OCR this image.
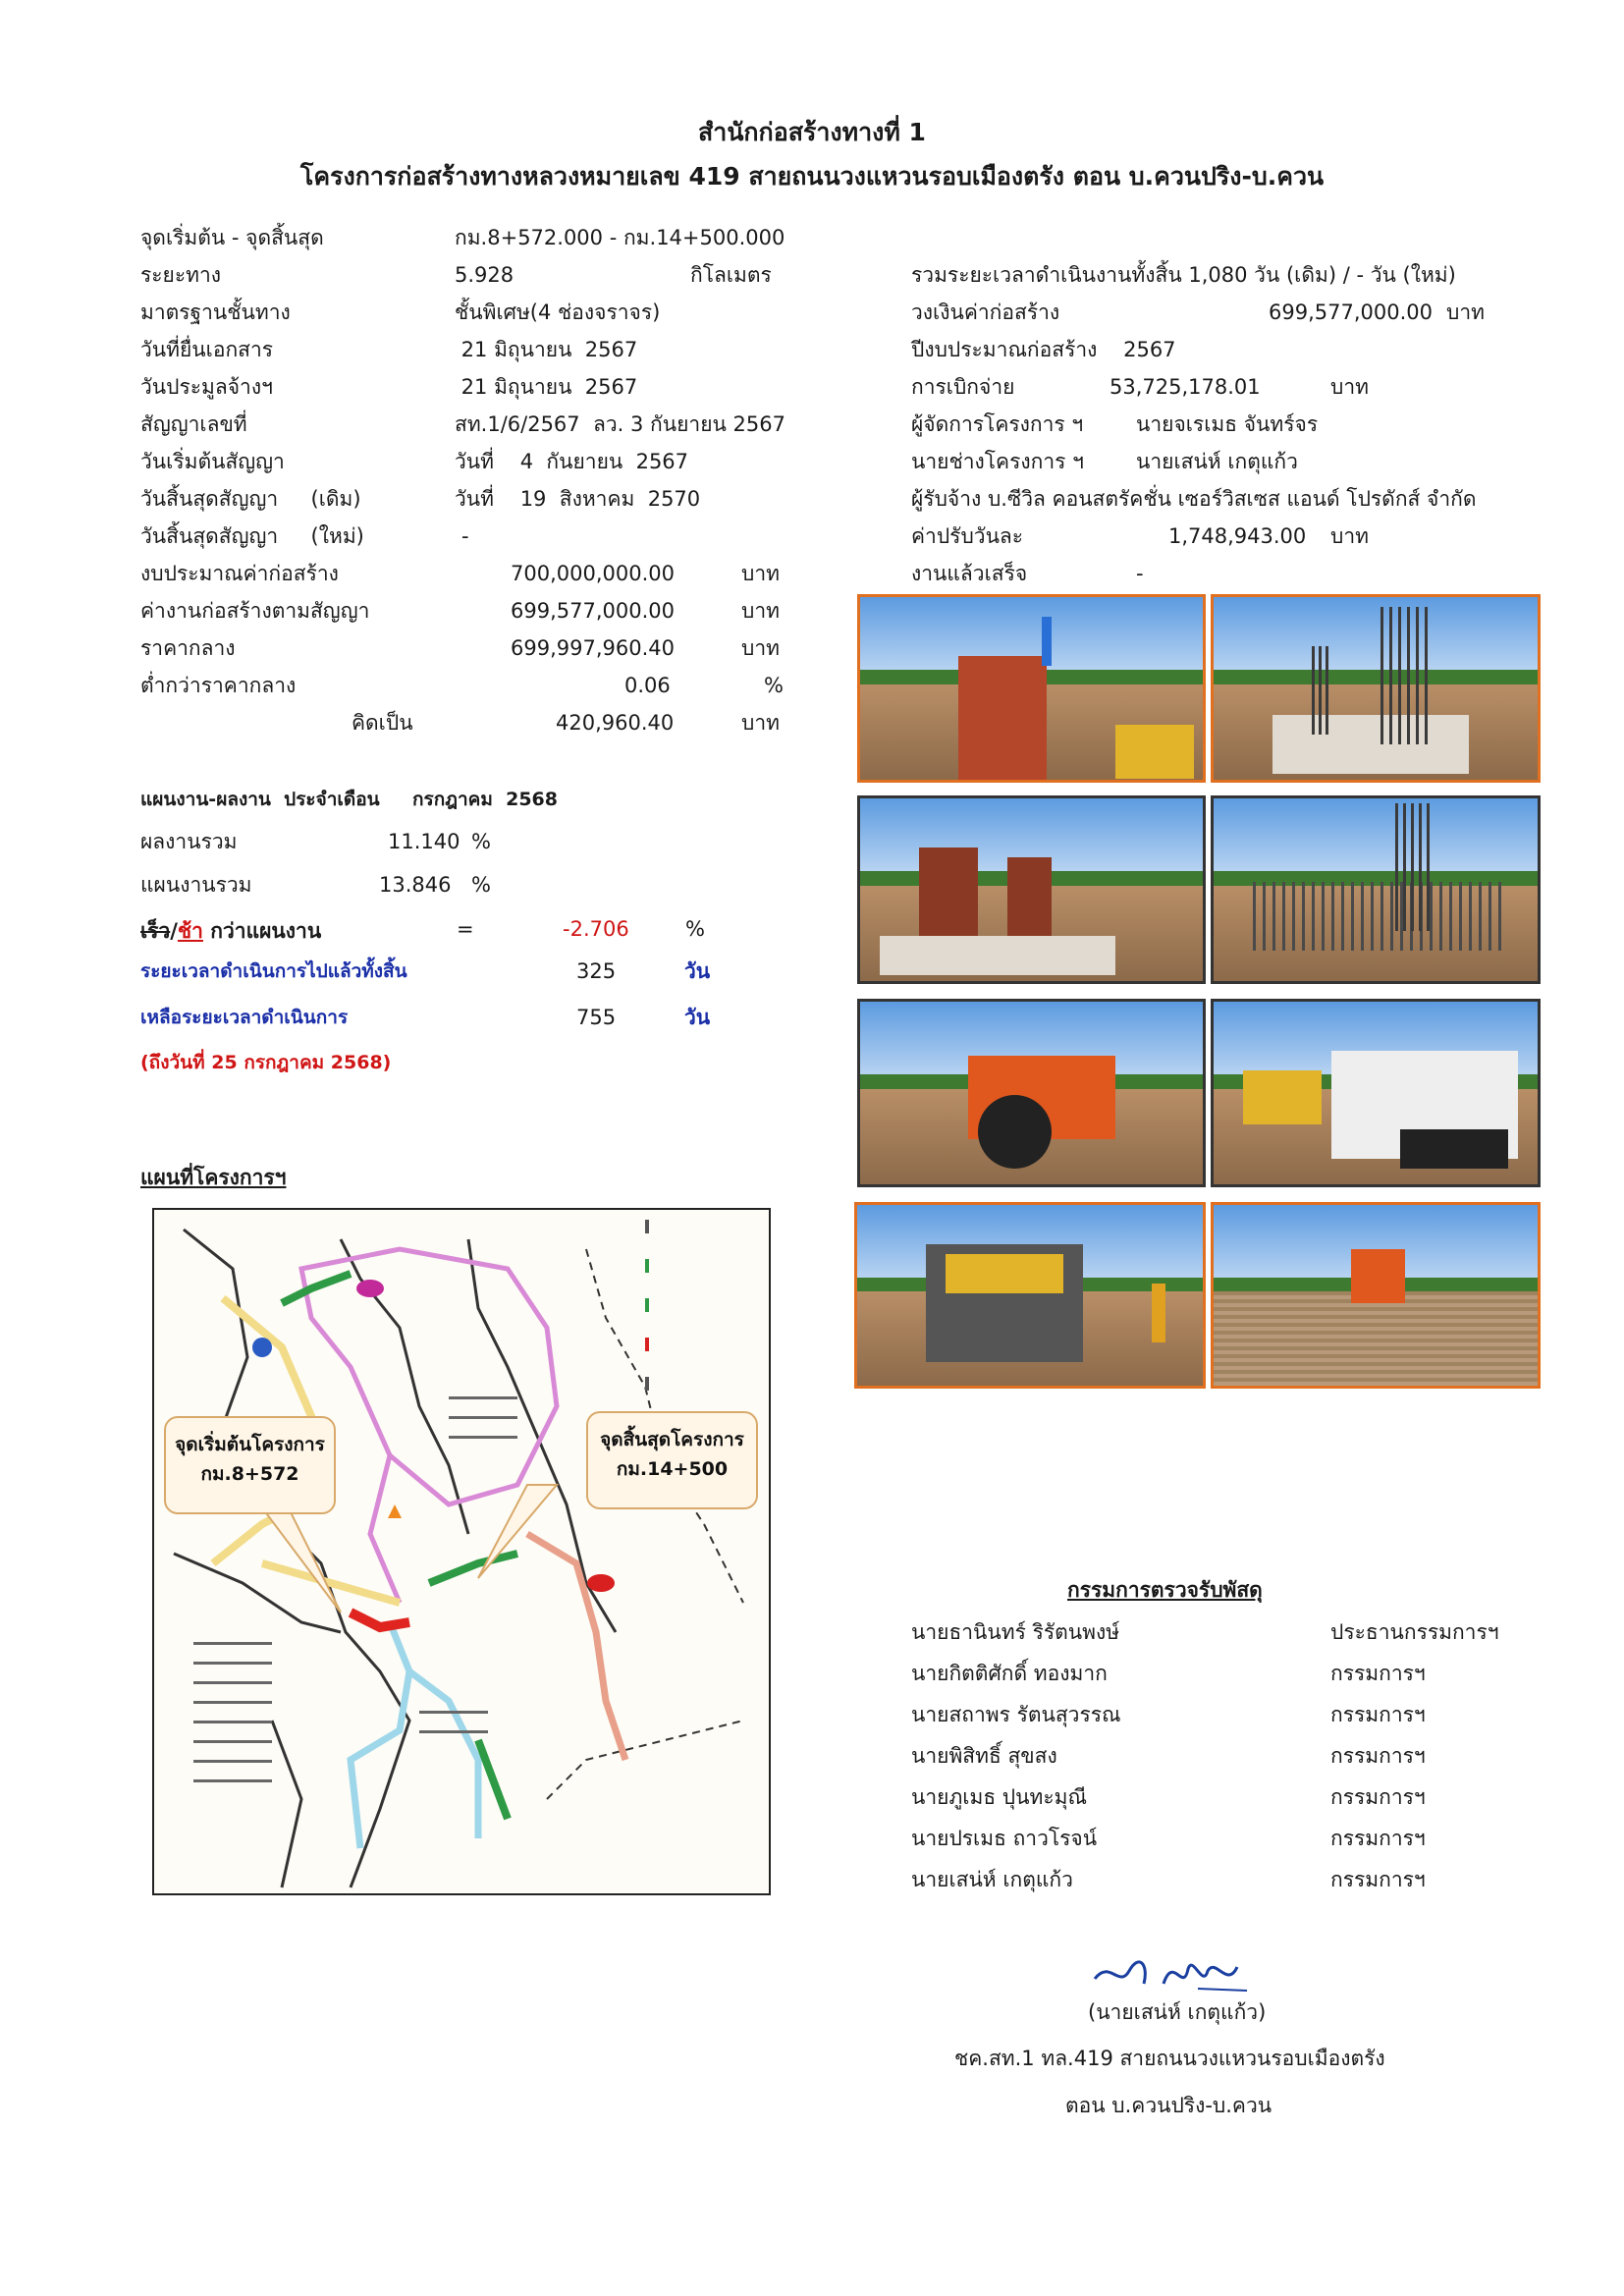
สำนักก่อสร้างทางที่ 1
โครงการก่อสร้างทางหลวงหมายเลข 419 สายถนนวงแหวนรอบเมืองตรัง ตอน บ.ควนปริง-บ.ควน
จุดเริ่มต้น - จุดสิ้นสุด	กม.8+572.000 - กม.14+500.000
ระยะทาง	5.928	กิโลเมตร
มาตรฐานชั้นทาง	ชั้นพิเศษ(4 ช่องจราจร)
วันที่ยื่นเอกสาร	21 มิถุนายน  2567
วันประมูลจ้างฯ	21 มิถุนายน  2567
สัญญาเลขที่	สท.1/6/2567  ลว. 3 กันยายน 2567
วันเริ่มต้นสัญญา	วันที่    4  กันยายน  2567
วันสิ้นสุดสัญญา     (เดิม)	วันที่    19  สิงหาคม  2570
วันสิ้นสุดสัญญา     (ใหม่)	-
งบประมาณค่าก่อสร้าง	700,000,000.00	บาท
ค่างานก่อสร้างตามสัญญา	699,577,000.00	บาท
ราคากลาง	699,997,960.40	บาท
ต่ำกว่าราคากลาง	0.06	%
คิดเป็น	420,960.40	บาท
รวมระยะเวลาดำเนินงานทั้งสิ้น 1,080 วัน (เดิม) / - วัน (ใหม่)
วงเงินค่าก่อสร้าง	699,577,000.00 บาท
ปีงบประมาณก่อสร้าง    2567
การเบิกจ่าย	53,725,178.01	บาท
ผู้จัดการโครงการ ฯ	นายจเรเมธ จันทร์จร
นายช่างโครงการ ฯ	นายเสน่ห์ เกตุแก้ว
ผู้รับจ้าง บ.ซีวิล คอนสตรัคชั่น เซอร์วิสเซส แอนด์ โปรดักส์ จำกัด
ค่าปรับวันละ	1,748,943.00 บาท
งานแล้วเสร็จ	-
แผนงาน-ผลงาน  ประจำเดือน กรกฎาคม  2568
ผลงานรวม	11.140 %
แผนงานรวม	13.846 %
เร็ว/ช้า กว่าแผนงาน	=	-2.706	%
ระยะเวลาดำเนินการไปแล้วทั้งสิ้น	325	วัน
เหลือระยะเวลาดำเนินการ	755	วัน
(ถึงวันที่ 25 กรกฎาคม 2568)
แผนที่โครงการฯ
จุดเริ่มต้นโครงการ
กม.8+572
จุดสิ้นสุดโครงการ
กม.14+500
กรรมการตรวจรับพัสดุ
นายธานินทร์ ริรัตนพงษ์	ประธานกรรมการฯ
นายกิตติศักดิ์ ทองมาก	กรรมการฯ
นายสถาพร รัตนสุวรรณ	กรรมการฯ
นายพิสิทธิ์ สุขสง	กรรมการฯ
นายภูเมธ ปุนทะมุณี	กรรมการฯ
นายปรเมธ ถาวโรจน์	กรรมการฯ
นายเสน่ห์ เกตุแก้ว	กรรมการฯ
(นายเสน่ห์ เกตุแก้ว)
ชค.สท.1 ทล.419 สายถนนวงแหวนรอบเมืองตรัง
ตอน บ.ควนปริง-บ.ควน
